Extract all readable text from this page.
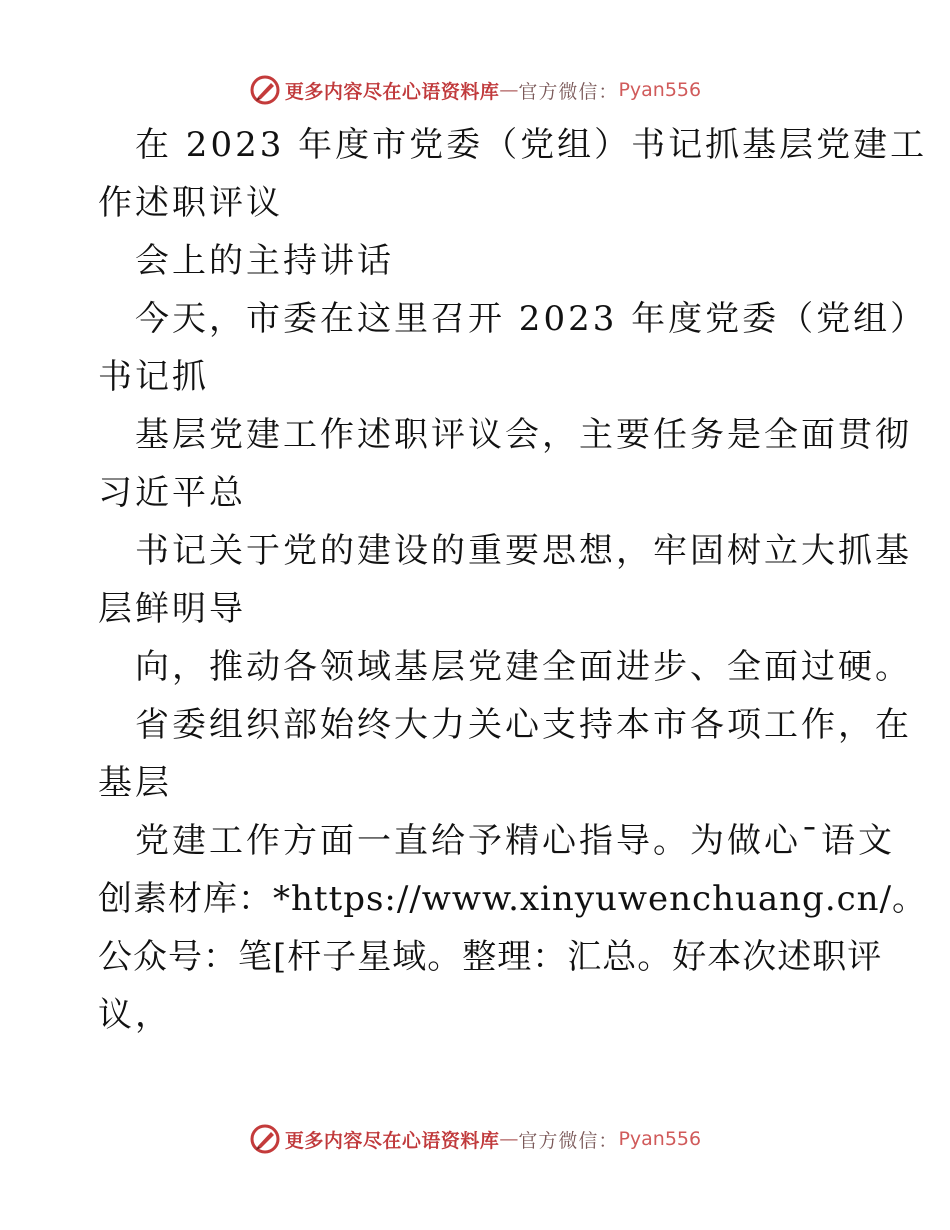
更多内容尽在心语资料库 — 官方微信： Pyan556
在 2023 年度市党委（党组）书记抓基层党建工
作述职评议
会上的主持讲话
今天，市委在这里召开 2023 年度党委（党组）
书记抓
基层党建工作述职评议会，主要任务是全面贯彻
习近平总
书记关于党的建设的重要思想，牢固树立大抓基
层鲜明导
向，推动各领域基层党建全面进步、全面过硬。
省委组织部始终大力关心支持本市各项工作，在
基层
党建工作方面一直给予精心指导。为做心¯语文
创素材库：*https://www.xinyuwenchuang.cn/。
公众号：笔[杆子星域。整理：汇总。好本次述职评
议，
更多内容尽在心语资料库 — 官方微信： Pyan556
